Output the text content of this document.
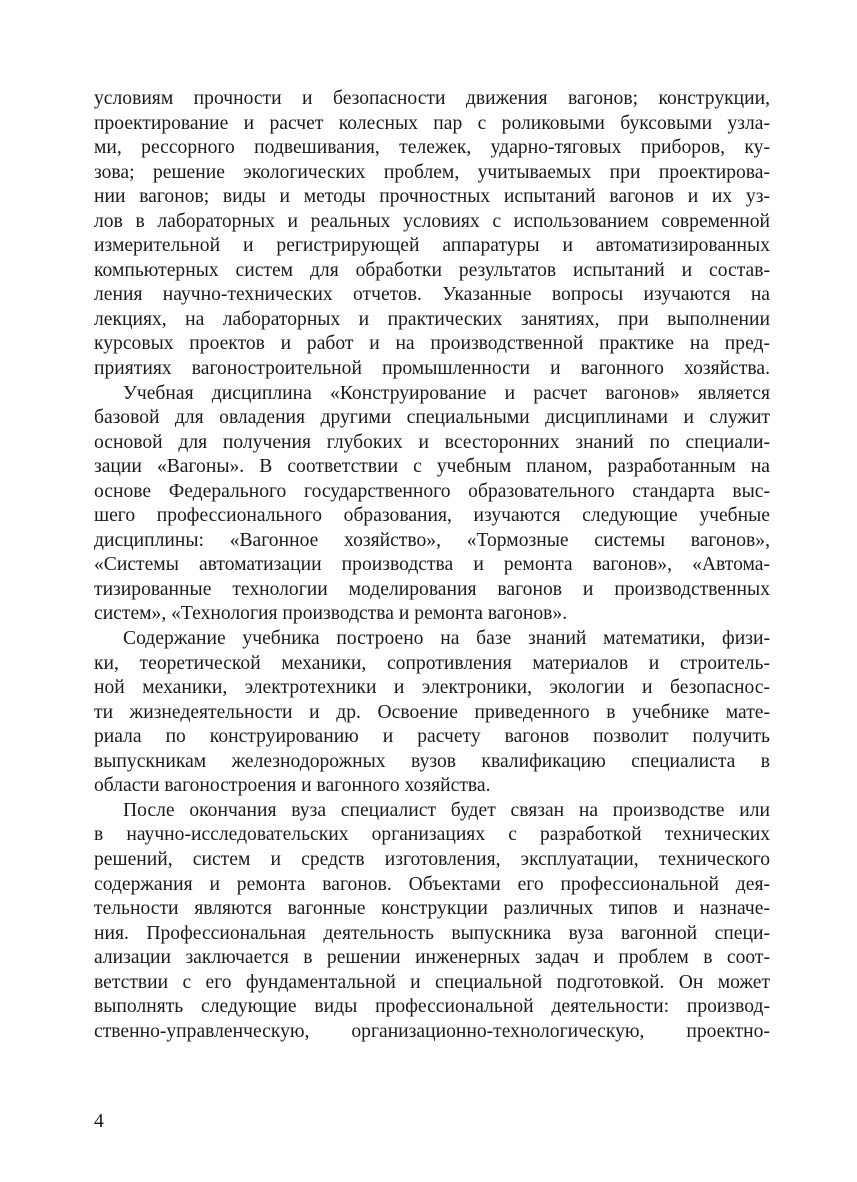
условиям прочности и безопасности движения вагонов; конструкции,
проектирование и расчет колесных пар с роликовыми буксовыми узла-
ми, рессорного подвешивания, тележек, ударно-тяговых приборов, ку-
зова; решение экологических проблем, учитываемых при проектирова-
нии вагонов; виды и методы прочностных испытаний вагонов и их уз-
лов в лабораторных и реальных условиях с использованием современной
измерительной и регистрирующей аппаратуры и автоматизированных
компьютерных систем для обработки результатов испытаний и состав-
ления научно-технических отчетов. Указанные вопросы изучаются на
лекциях, на лабораторных и практических занятиях, при выполнении
курсовых проектов и работ и на производственной практике на пред-
приятиях вагоностроительной промышленности и вагонного хозяйства.
Учебная дисциплина «Конструирование и расчет вагонов» является
базовой для овладения другими специальными дисциплинами и служит
основой для получения глубоких и всесторонних знаний по специали-
зации «Вагоны». В соответствии с учебным планом, разработанным на
основе Федерального государственного образовательного стандарта выс-
шего профессионального образования, изучаются следующие учебные
дисциплины: «Вагонное хозяйство», «Тормозные системы вагонов»,
«Системы автоматизации производства и ремонта вагонов», «Автома-
тизированные технологии моделирования вагонов и производственных
систем», «Технология производства и ремонта вагонов».
Содержание учебника построено на базе знаний математики, физи-
ки, теоретической механики, сопротивления материалов и строитель-
ной механики, электротехники и электроники, экологии и безопаснос-
ти жизнедеятельности и др. Освоение приведенного в учебнике мате-
риала по конструированию и расчету вагонов позволит получить
выпускникам железнодорожных вузов квалификацию специалиста в
области вагоностроения и вагонного хозяйства.
После окончания вуза специалист будет связан на производстве или
в научно-исследовательских организациях с разработкой технических
решений, систем и средств изготовления, эксплуатации, технического
содержания и ремонта вагонов. Объектами его профессиональной дея-
тельности являются вагонные конструкции различных типов и назначе-
ния. Профессиональная деятельность выпускника вуза вагонной специ-
ализации заключается в решении инженерных задач и проблем в соот-
ветствии с его фундаментальной и специальной подготовкой. Он может
выполнять следующие виды профессиональной деятельности: производ-
ственно-управленческую, организационно-технологическую, проектно-
4
